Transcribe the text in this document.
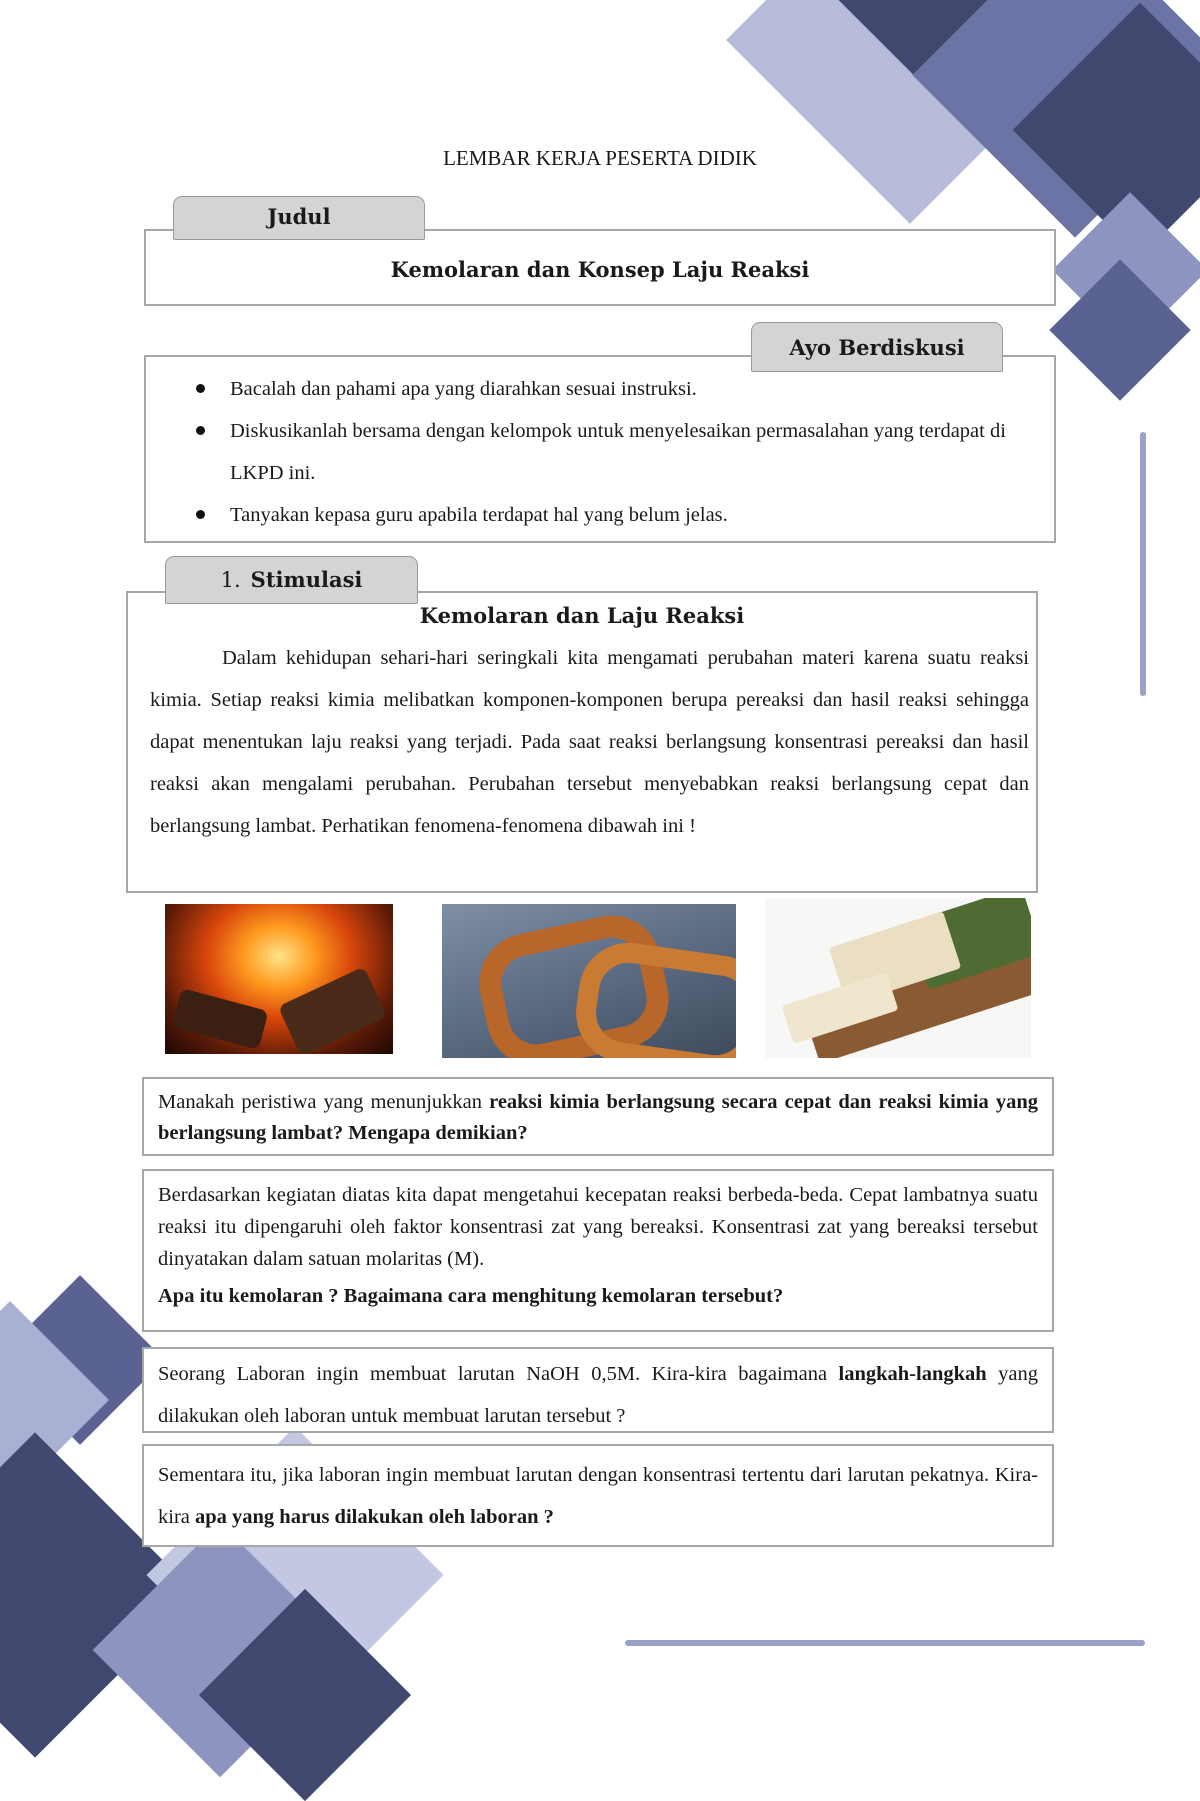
LEMBAR KERJA PESERTA DIDIK
Judul
Kemolaran dan Konsep Laju Reaksi
Ayo Berdiskusi
Bacalah dan pahami apa yang diarahkan sesuai instruksi.
Diskusikanlah bersama dengan kelompok untuk menyelesaikan permasalahan yang terdapat di LKPD ini.
Tanyakan kepasa guru apabila terdapat hal yang belum jelas.
1. Stimulasi
Kemolaran dan Laju Reaksi
Dalam kehidupan sehari-hari seringkali kita mengamati perubahan materi karena suatu reaksi kimia. Setiap reaksi kimia melibatkan komponen-komponen berupa pereaksi dan hasil reaksi sehingga dapat menentukan laju reaksi yang terjadi. Pada saat reaksi berlangsung konsentrasi pereaksi dan hasil reaksi akan mengalami perubahan. Perubahan tersebut menyebabkan reaksi berlangsung cepat dan berlangsung lambat. Perhatikan fenomena-fenomena dibawah ini !
Manakah peristiwa yang menunjukkan reaksi kimia berlangsung secara cepat dan reaksi kimia yang berlangsung lambat? Mengapa demikian?
Berdasarkan kegiatan diatas kita dapat mengetahui kecepatan reaksi berbeda-beda. Cepat lambatnya suatu reaksi itu dipengaruhi oleh faktor konsentrasi zat yang bereaksi. Konsentrasi zat yang bereaksi tersebut dinyatakan dalam satuan molaritas (M).
Apa itu kemolaran ? Bagaimana cara menghitung kemolaran tersebut?
Seorang Laboran ingin membuat larutan NaOH 0,5M. Kira-kira bagaimana langkah-langkah yang dilakukan oleh laboran untuk membuat larutan tersebut ?
Sementara itu, jika laboran ingin membuat larutan dengan konsentrasi tertentu dari larutan pekatnya. Kira-kira apa yang harus dilakukan oleh laboran ?
